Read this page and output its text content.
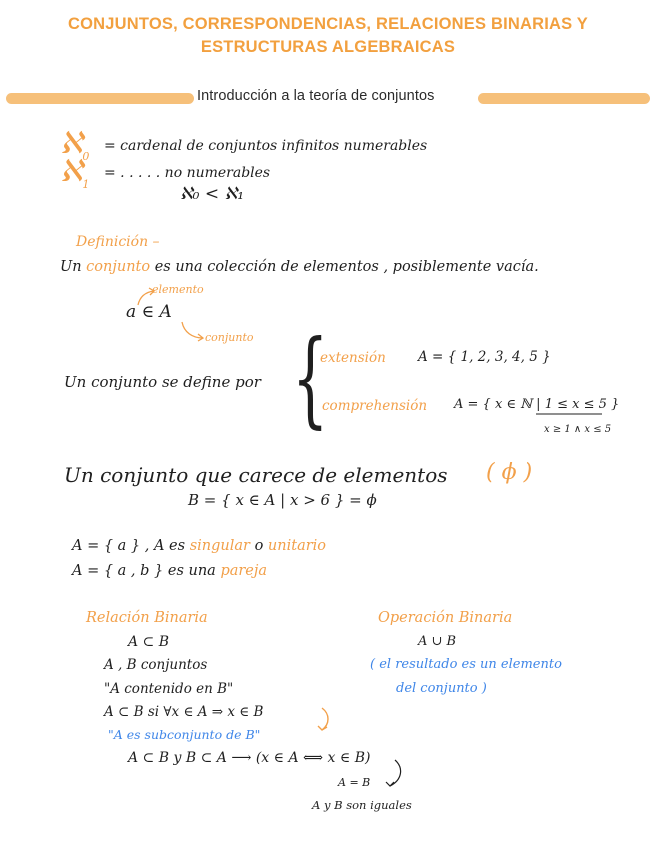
CONJUNTOS, CORRESPONDENCIAS, RELACIONES BINARIAS Y
ESTRUCTURAS ALGEBRAICAS
Introducción a la teoría de conjuntos
ℵ$_0$
= cardenal de conjuntos infinitos numerables
ℵ$_1$
= . . . . . no numerables
ℵ₀ < ℵ₁
Definición –
Un conjunto es una colección de elementos , posiblemente vacía.
elemento
a ∈ A
conjunto
Un conjunto se define por {
extensión A = { 1, 2, 3, 4, 5 }
comprehensión A = { x ∈ ℕ | 1 ≤ x ≤ 5 }
x ≥ 1 ∧ x ≤ 5
Un conjunto que carece de elementos ( ϕ )
B = { x ∈ A | x > 6 } = ϕ
A = { a } , A es singular o unitario
A = { a , b } es una pareja
Relación Binaria
A ⊂ B
A , B conjuntos
"A contenido en B"
A ⊂ B si ∀x ∈ A ⇒ x ∈ B
"A es subconjunto de B"
A ⊂ B y B ⊂ A ⟶ (x ∈ A ⟺ x ∈ B)
A = B
A y B son iguales
Operación Binaria
A ∪ B
( el resultado es un elemento
del conjunto )
